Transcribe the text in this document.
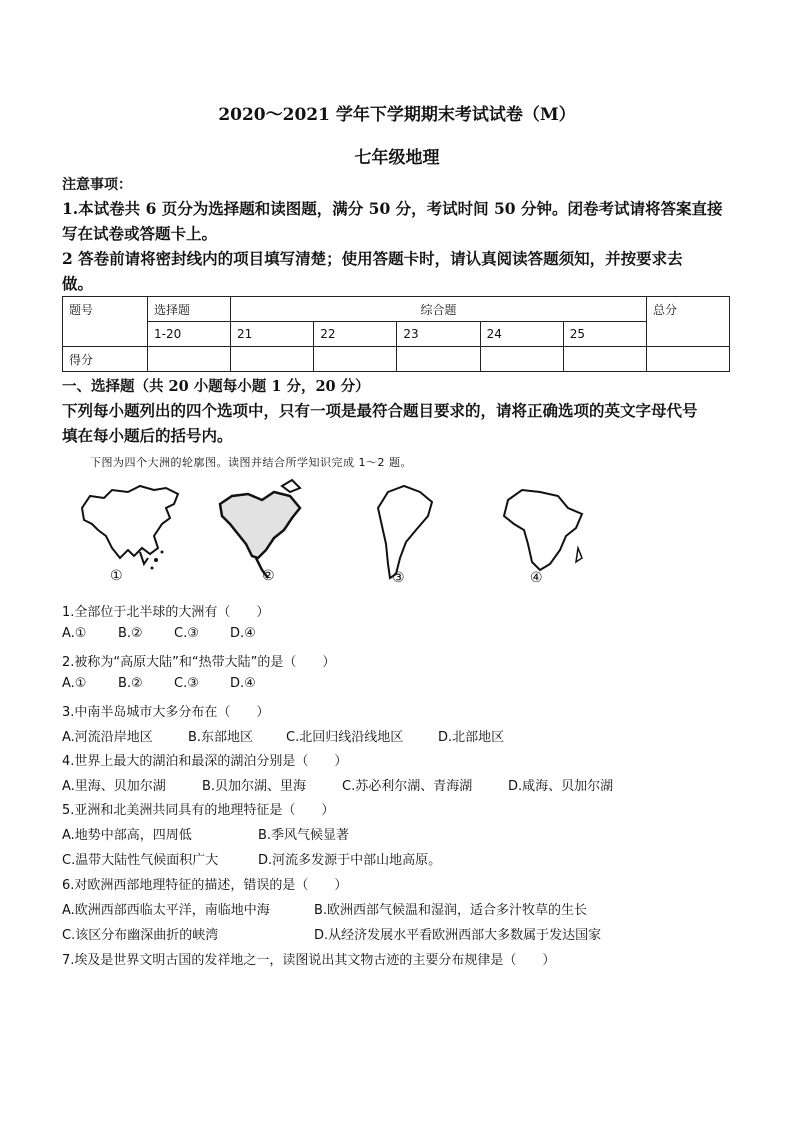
2020～2021 学年下学期期末考试试卷（M）
七年级地理
注意事项：
1.本试卷共 6 页分为选择题和读图题，满分 50 分，考试时间 50 分钟。闭卷考试请将答案直接
写在试卷或答题卡上。
2 答卷前请将密封线内的项目填写清楚；使用答题卡时，请认真阅读答题须知，并按要求去
做。
题号	选择题	综合题					总分
	1-20	21	22	23	24	25	
得分							
一、选择题（共 20 小题每小题 1 分，20 分）
下列每小题列出的四个选项中，只有一项是最符合题目要求的，请将正确选项的英文字母代号
填在每小题后的括号内。
下图为四个大洲的轮廓图。读图并结合所学知识完成 1～2 题。
①	②	③	④
1.全部位于北半球的大洲有（　　）
A.① B.② C.③ D.④
2.被称为“高原大陆”和“热带大陆”的是（　　）
A.① B.② C.③ D.④
3.中南半岛城市大多分布在（　　）
A.河流沿岸地区	B.东部地区	C.北回归线沿线地区	D.北部地区
4.世界上最大的湖泊和最深的湖泊分别是（　　）
A.里海、贝加尔湖	B.贝加尔湖、里海	C.苏必利尔湖、青海湖	D.咸海、贝加尔湖
5.亚洲和北美洲共同具有的地理特征是（　　）
A.地势中部高，四周低	B.季风气候显著
C.温带大陆性气候面积广大	D.河流多发源于中部山地高原。
6.对欧洲西部地理特征的描述，错误的是（　　）
A.欧洲西部西临太平洋，南临地中海	B.欧洲西部气候温和湿润，适合多汁牧草的生长
C.该区分布幽深曲折的峡湾	D.从经济发展水平看欧洲西部大多数属于发达国家
7.埃及是世界文明古国的发祥地之一，读图说出其文物古迹的主要分布规律是（　　）
